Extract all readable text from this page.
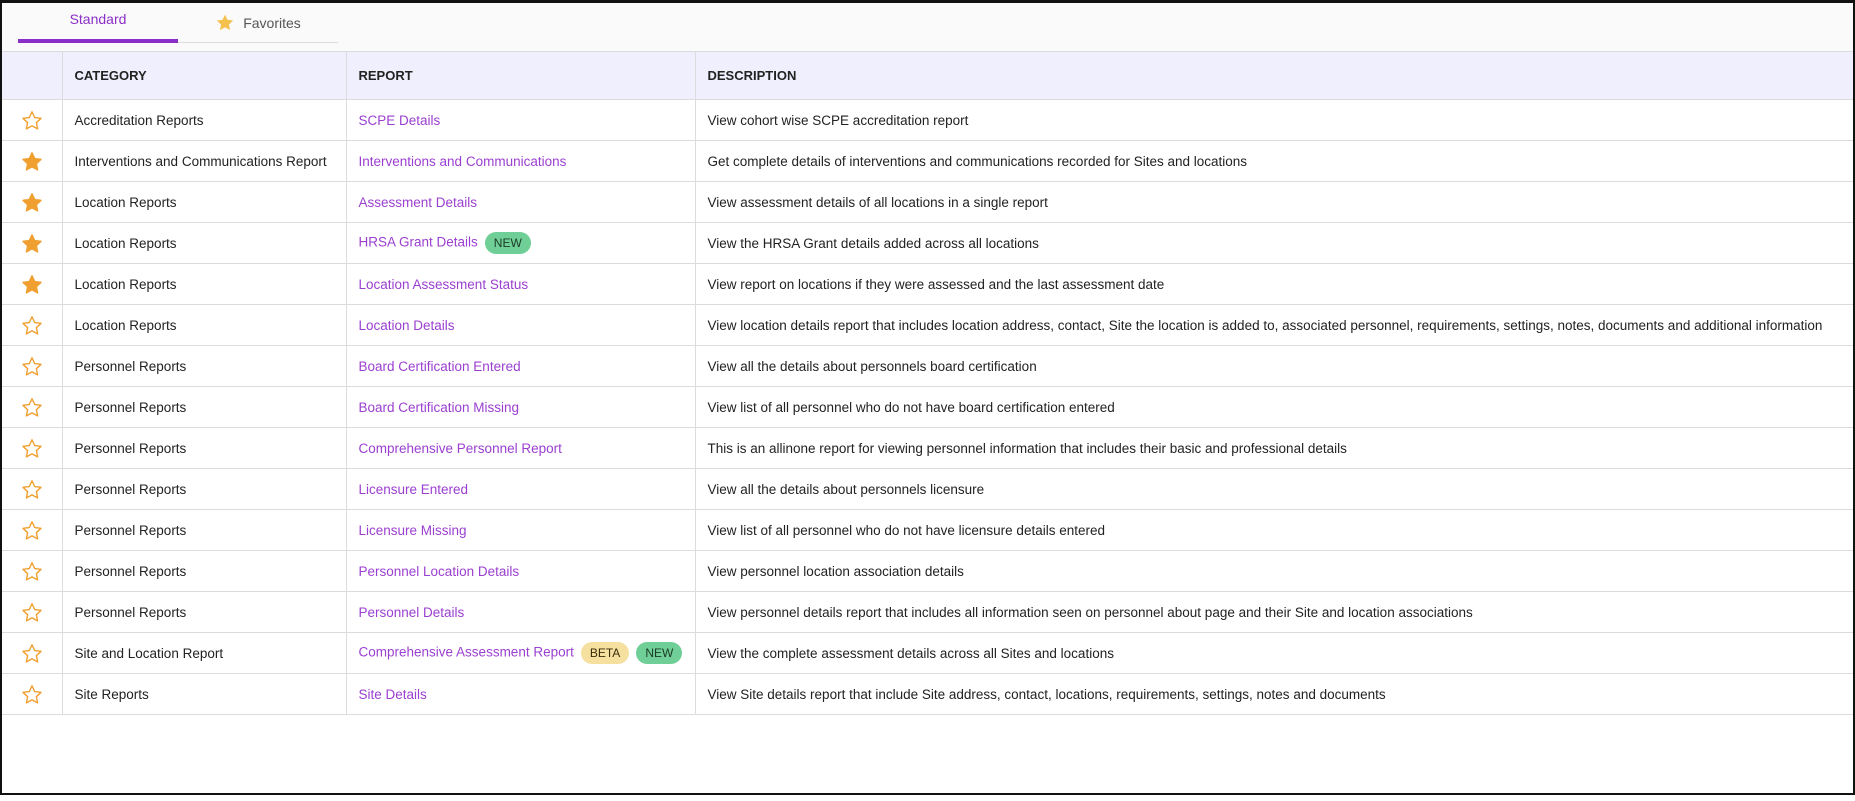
Standard	Favorites
	CATEGORY	REPORT	DESCRIPTION

	Accreditation Reports	SCPE Details	View cohort wise SCPE accreditation report

	Interventions and Communications Report	Interventions and Communications	Get complete details of interventions and communications recorded for Sites and locations

	Location Reports	Assessment Details	View assessment details of all locations in a single report

	Location Reports	HRSA Grant Details NEW	View the HRSA Grant details added across all locations

	Location Reports	Location Assessment Status	View report on locations if they were assessed and the last assessment date

	Location Reports	Location Details	View location details report that includes location address, contact, Site the location is added to, associated personnel, requirements, settings, notes, documents and additional information

	Personnel Reports	Board Certification Entered	View all the details about personnels board certification

	Personnel Reports	Board Certification Missing	View list of all personnel who do not have board certification entered

	Personnel Reports	Comprehensive Personnel Report	This is an allinone report for viewing personnel information that includes their basic and professional details

	Personnel Reports	Licensure Entered	View all the details about personnels licensure

	Personnel Reports	Licensure Missing	View list of all personnel who do not have licensure details entered

	Personnel Reports	Personnel Location Details	View personnel location association details

	Personnel Reports	Personnel Details	View personnel details report that includes all information seen on personnel about page and their Site and location associations

	Site and Location Report	Comprehensive Assessment Report BETA NEW	View the complete assessment details across all Sites and locations

	Site Reports	Site Details	View Site details report that include Site address, contact, locations, requirements, settings, notes and documents
